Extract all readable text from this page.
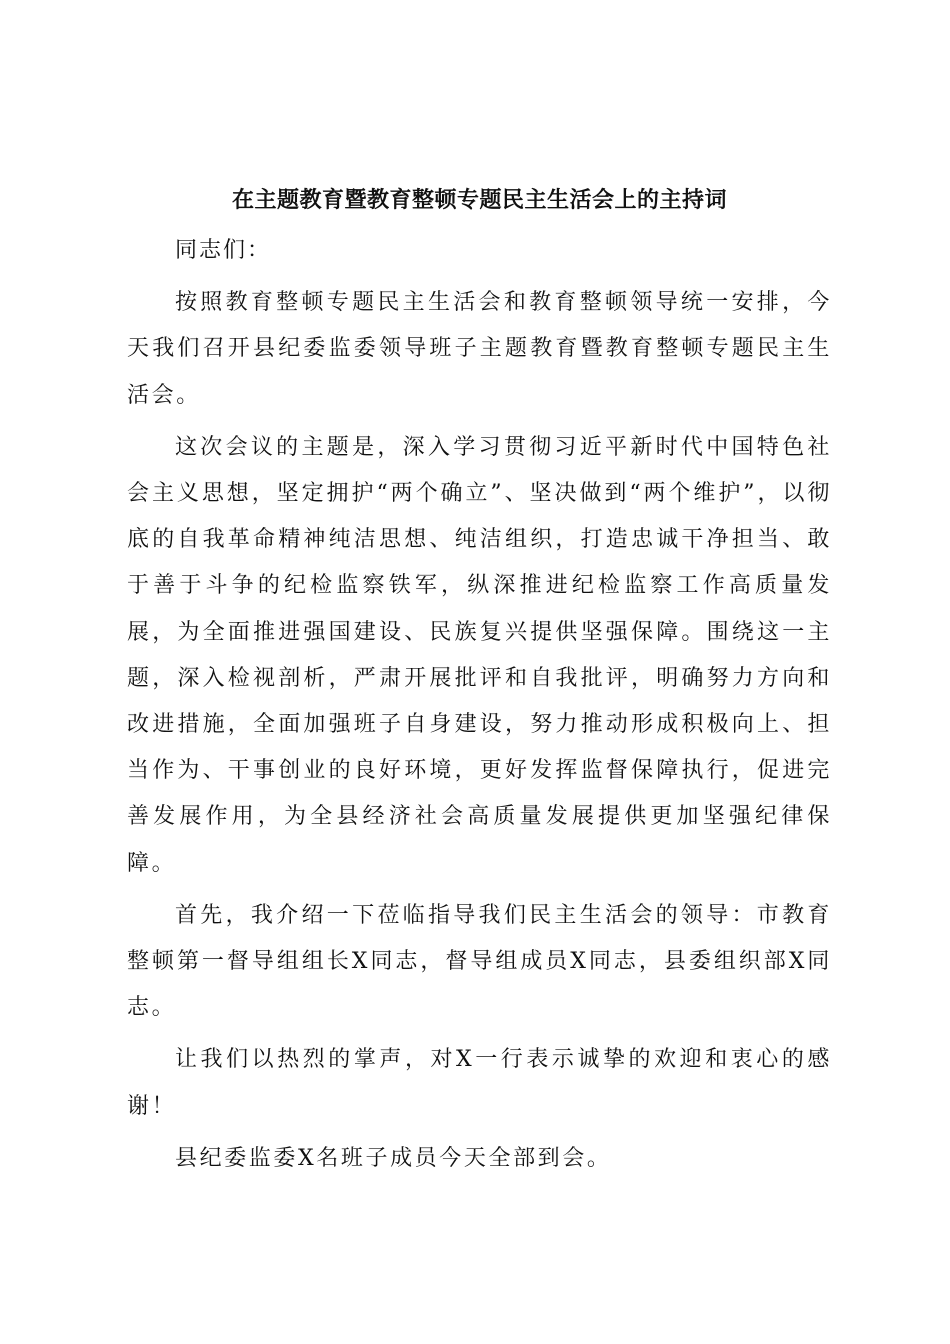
在主题教育暨教育整顿专题民主生活会上的主持词

同志们：

按照教育整顿专题民主生活会和教育整顿领导统一安排，今天我们召开县纪委监委领导班子主题教育暨教育整顿专题民主生活会。

这次会议的主题是，深入学习贯彻习近平新时代中国特色社会主义思想，坚定拥护“两个确立”、坚决做到“两个维护”，以彻底的自我革命精神纯洁思想、纯洁组织，打造忠诚干净担当、敢于善于斗争的纪检监察铁军，纵深推进纪检监察工作高质量发展，为全面推进强国建设、民族复兴提供坚强保障。围绕这一主题，深入检视剖析，严肃开展批评和自我批评，明确努力方向和改进措施，全面加强班子自身建设，努力推动形成积极向上、担当作为、干事创业的良好环境，更好发挥监督保障执行，促进完善发展作用，为全县经济社会高质量发展提供更加坚强纪律保障。

首先，我介绍一下莅临指导我们民主生活会的领导：市教育整顿第一督导组组长X同志，督导组成员X同志，县委组织部X同志。

让我们以热烈的掌声，对X一行表示诚挚的欢迎和衷心的感谢！

县纪委监委X名班子成员今天全部到会。
